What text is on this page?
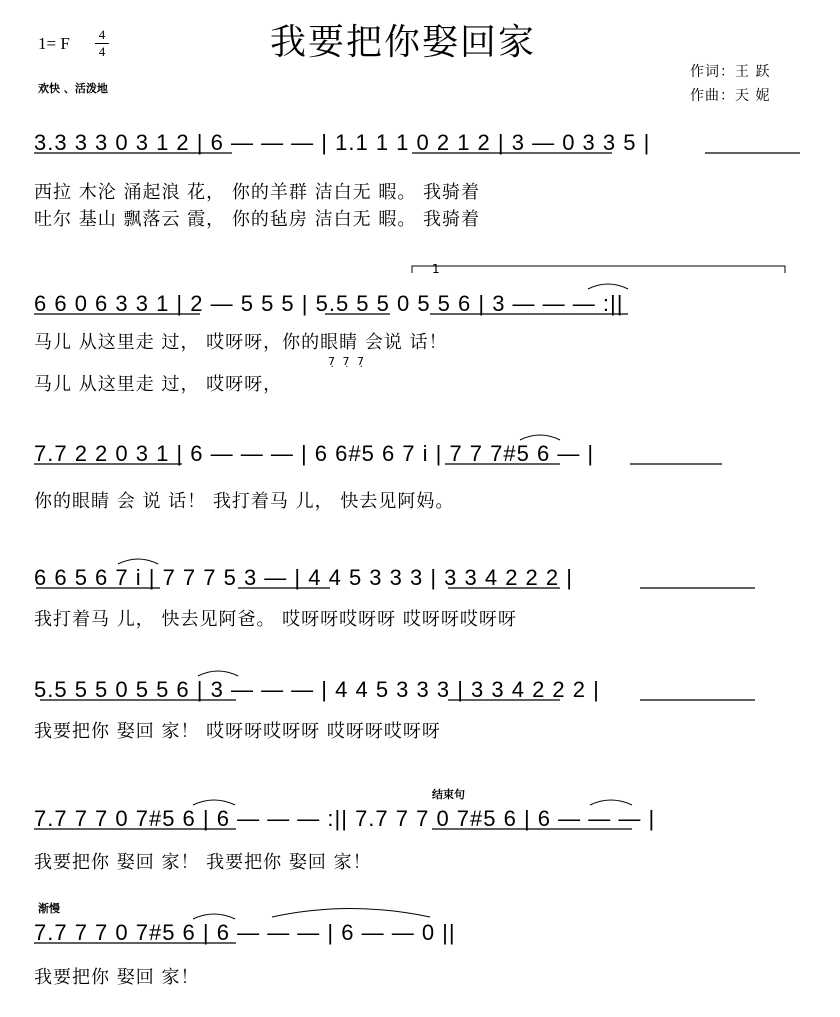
1= F 4
4	我要把你娶回家
欢快 、活泼地
作词：王 跃
作曲：天 妮
3.3 3 3 0 3 1 2 | 6 — — — | 1.1 1 1 0 2 1 2 | 3 — 0 3 3 5 |
西拉 木沦 涌起浪 花， 你的羊群 洁白无 暇。 我骑着
吐尔 基山 飘落云 霞， 你的毡房 洁白无 暇。 我骑着
1
6 6 0 6 3 3 1 | 2 — 5 5 5 | 5.5 5 5 0 5 5 6 | 3 — — — :||
马儿 从这里走 过， 哎呀呀，你的眼睛 会说 话！
7̣ 7̣ 7̣
马儿 从这里走 过， 哎呀呀，
7.7 2 2 0 3 1 | 6 — — — | 6 6#5 6 7 i | 7 7 7#5 6 — |
你的眼睛 会 说 话！ 我打着马 儿， 快去见阿妈。
6 6 5 6 7 i | 7 7 7 5 3 — | 4 4 5 3 3 3 | 3 3 4 2 2 2 |
我打着马 儿， 快去见阿爸。 哎呀呀哎呀呀 哎呀呀哎呀呀
5.5 5 5 0 5 5 6 | 3 — — — | 4 4 5 3 3 3 | 3 3 4 2 2 2 |
我要把你 娶回 家！ 哎呀呀哎呀呀 哎呀呀哎呀呀
结束句
7.7 7 7 0 7#5 6 | 6 — — — :|| 7.7 7 7 0 7#5 6 | 6 — — — |
我要把你 娶回 家！ 我要把你 娶回 家！
渐慢
7.7 7 7 0 7#5 6 | 6 — — — | 6 — — 0 ||
我要把你 娶回 家！
